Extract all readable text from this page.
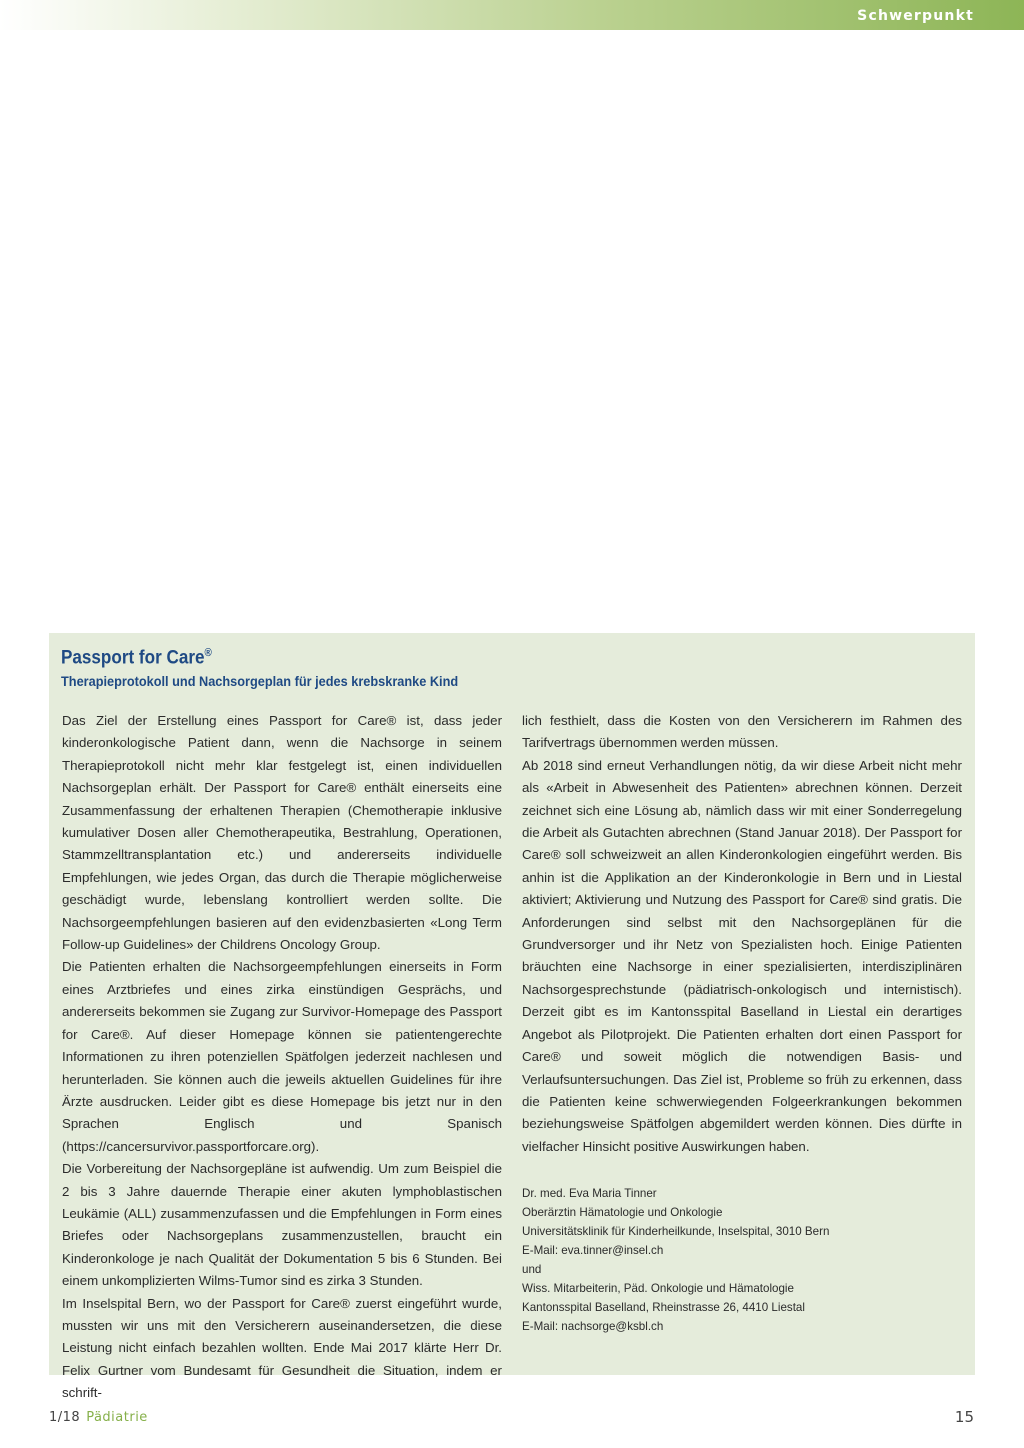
Schwerpunkt
Passport for Care®
Therapieprotokoll und Nachsorgeplan für jedes krebskranke Kind

Das Ziel der Erstellung eines Passport for Care® ist, dass jeder kinderonkologische Patient dann, wenn die Nachsorge in seinem Therapieprotokoll nicht mehr klar festgelegt ist, einen individuellen Nachsorgeplan erhält. Der Passport for Care® enthält einerseits eine Zusammenfassung der erhaltenen Therapien (Chemotherapie inklusive kumulativer Dosen aller Chemotherapeutika, Bestrahlung, Operationen, Stammzelltransplantation etc.) und andererseits individuelle Empfehlungen, wie jedes Organ, das durch die Therapie möglicherweise geschädigt wurde, lebenslang kontrolliert werden sollte. Die Nachsorgeempfehlungen basieren auf den evidenzbasierten «Long Term Follow-up Guidelines» der Childrens Oncology Group.

Die Patienten erhalten die Nachsorgeempfehlungen einerseits in Form eines Arztbriefes und eines zirka einstündigen Gesprächs, und andererseits bekommen sie Zugang zur Survivor-Homepage des Passport for Care®. Auf dieser Homepage können sie patientengerechte Informationen zu ihren potenziellen Spätfolgen jederzeit nachlesen und herunterladen. Sie können auch die jeweils aktuellen Guidelines für ihre Ärzte ausdrucken. Leider gibt es diese Homepage bis jetzt nur in den Sprachen Englisch und Spanisch (https://cancersurvivor.passportforcare.org).

Die Vorbereitung der Nachsorgepläne ist aufwendig. Um zum Beispiel die 2 bis 3 Jahre dauernde Therapie einer akuten lymphoblastischen Leukämie (ALL) zusammenzufassen und die Empfehlungen in Form eines Briefes oder Nachsorgeplans zusammenzustellen, braucht ein Kinderonkologe je nach Qualität der Dokumentation 5 bis 6 Stunden. Bei einem unkomplizierten Wilms-Tumor sind es zirka 3 Stunden.

Im Inselspital Bern, wo der Passport for Care® zuerst eingeführt wurde, mussten wir uns mit den Versicherern auseinandersetzen, die diese Leistung nicht einfach bezahlen wollten. Ende Mai 2017 klärte Herr Dr. Felix Gurtner vom Bundesamt für Gesundheit die Situation, indem er schrift-

lich festhielt, dass die Kosten von den Versicherern im Rahmen des Tarifvertrags übernommen werden müssen.

Ab 2018 sind erneut Verhandlungen nötig, da wir diese Arbeit nicht mehr als «Arbeit in Abwesenheit des Patienten» abrechnen können. Derzeit zeichnet sich eine Lösung ab, nämlich dass wir mit einer Sonderregelung die Arbeit als Gutachten abrechnen (Stand Januar 2018). Der Passport for Care® soll schweizweit an allen Kinderonkologien eingeführt werden. Bis anhin ist die Applikation an der Kinderonkologie in Bern und in Liestal aktiviert; Aktivierung und Nutzung des Passport for Care® sind gratis. Die Anforderungen sind selbst mit den Nachsorgeplänen für die Grundversorger und ihr Netz von Spezialisten hoch. Einige Patienten bräuchten eine Nachsorge in einer spezialisierten, interdisziplinären Nachsorgesprechstunde (pädiatrisch-onkologisch und internistisch). Derzeit gibt es im Kantonsspital Baselland in Liestal ein derartiges Angebot als Pilotprojekt. Die Patienten erhalten dort einen Passport for Care® und soweit möglich die notwendigen Basis- und Verlaufsuntersuchungen. Das Ziel ist, Probleme so früh zu erkennen, dass die Patienten keine schwerwiegenden Folgeerkrankungen bekommen beziehungsweise Spätfolgen abgemildert werden können. Dies dürfte in vielfacher Hinsicht positive Auswirkungen haben.

Dr. med. Eva Maria Tinner
Oberärztin Hämatologie und Onkologie
Universitätsklinik für Kinderheilkunde, Inselspital, 3010 Bern
E-Mail: eva.tinner@insel.ch
und
Wiss. Mitarbeiterin, Päd. Onkologie und Hämatologie
Kantonsspital Baselland, Rheinstrasse 26, 4410 Liestal
E-Mail: nachsorge@ksbl.ch
1/18 Pädiatrie	15
